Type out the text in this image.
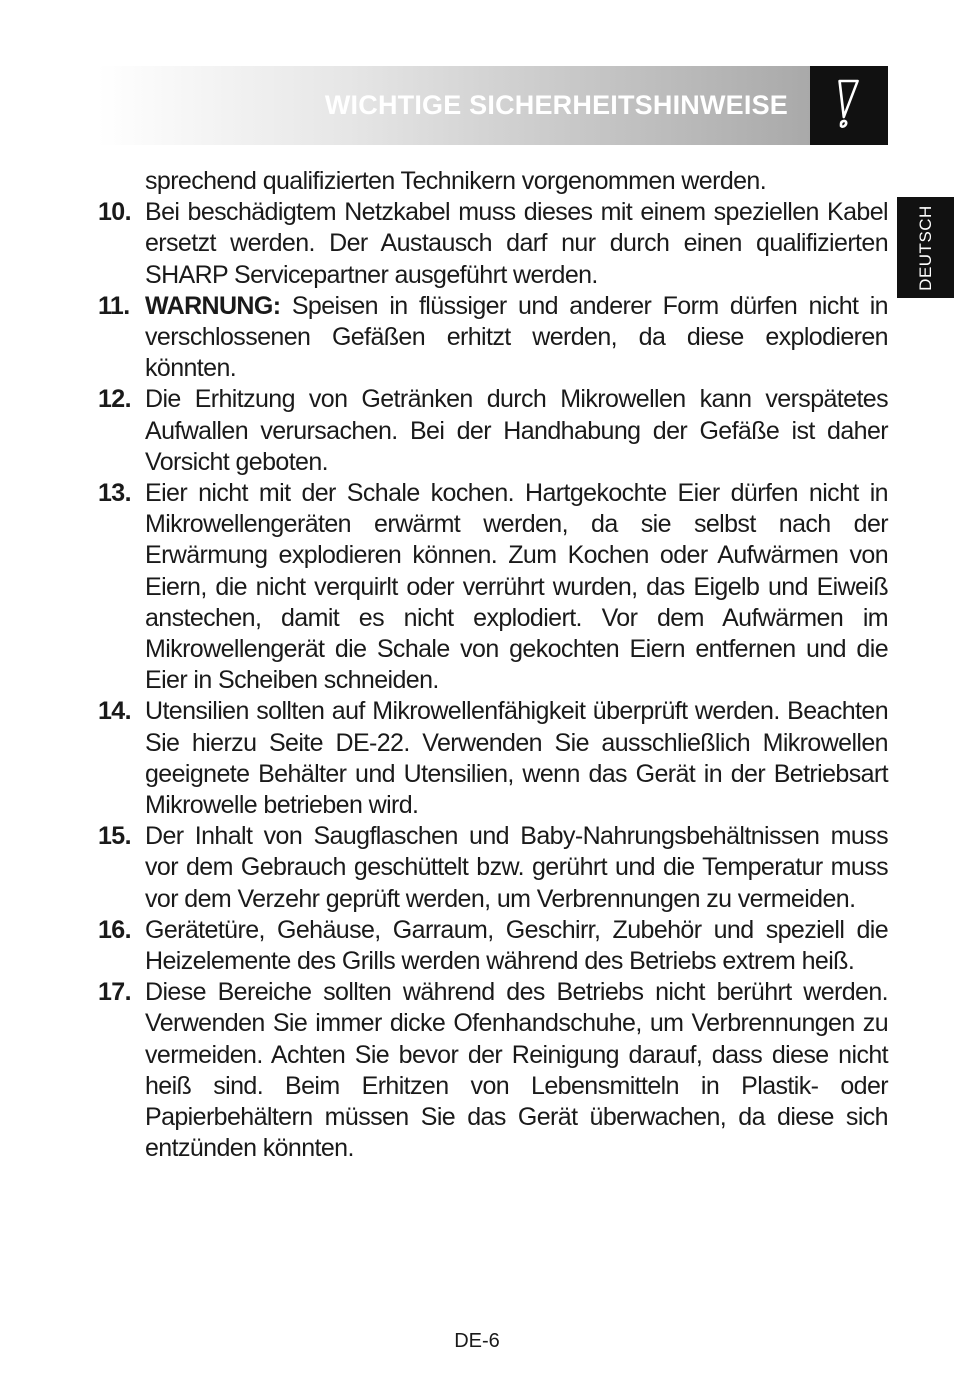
WICHTIGE SICHERHEITSHINWEISE
DEUTSCH
sprechend qualifizierten Technikern vorgenommen werden.
10. Bei beschädigtem Netzkabel muss dieses mit einem speziellen Kabel ersetzt werden. Der Austausch darf nur durch einen qualifizierten SHARP Servicepartner ausgeführt werden.
11. WARNUNG: Speisen in flüssiger und anderer Form dürfen nicht in verschlossenen Gefäßen erhitzt werden, da diese explodieren könnten.
12. Die Erhitzung von Getränken durch Mikrowellen kann verspätetes Aufwallen verursachen. Bei der Handhabung der Gefäße ist daher Vorsicht geboten.
13. Eier nicht mit der Schale kochen. Hartgekochte Eier dürfen nicht in Mikrowellengeräten erwärmt werden, da sie selbst nach der Erwärmung explodieren können. Zum Kochen oder Aufwärmen von Eiern, die nicht verquirlt oder verrührt wurden, das Eigelb und Eiweiß anstechen, damit es nicht explodiert. Vor dem Aufwärmen im Mikrowellengerät die Schale von gekochten Eiern entfernen und die Eier in Scheiben schneiden.
14. Utensilien sollten auf Mikrowellenfähigkeit überprüft werden. Beachten Sie hierzu Seite DE-22. Verwenden Sie ausschließlich Mikrowellen geeignete Behälter und Utensilien, wenn das Gerät in der Betriebsart Mikrowelle betrieben wird.
15. Der Inhalt von Saugflaschen und Baby-Nahrungsbehältnissen muss vor dem Gebrauch geschüttelt bzw. gerührt und die Temperatur muss vor dem Verzehr geprüft werden, um Verbrennungen zu vermeiden.
16. Gerätetüre, Gehäuse, Garraum, Geschirr, Zubehör und speziell die Heizelemente des Grills werden während des Betriebs extrem heiß.
17. Diese Bereiche sollten während des Betriebs nicht berührt werden. Verwenden Sie immer dicke Ofenhandschuhe, um Verbrennungen zu vermeiden. Achten Sie bevor der Reinigung darauf, dass diese nicht heiß sind. Beim Erhitzen von Lebensmitteln in Plastik- oder Papierbehältern müssen Sie das Gerät überwachen, da diese sich entzünden könnten.
DE-6
